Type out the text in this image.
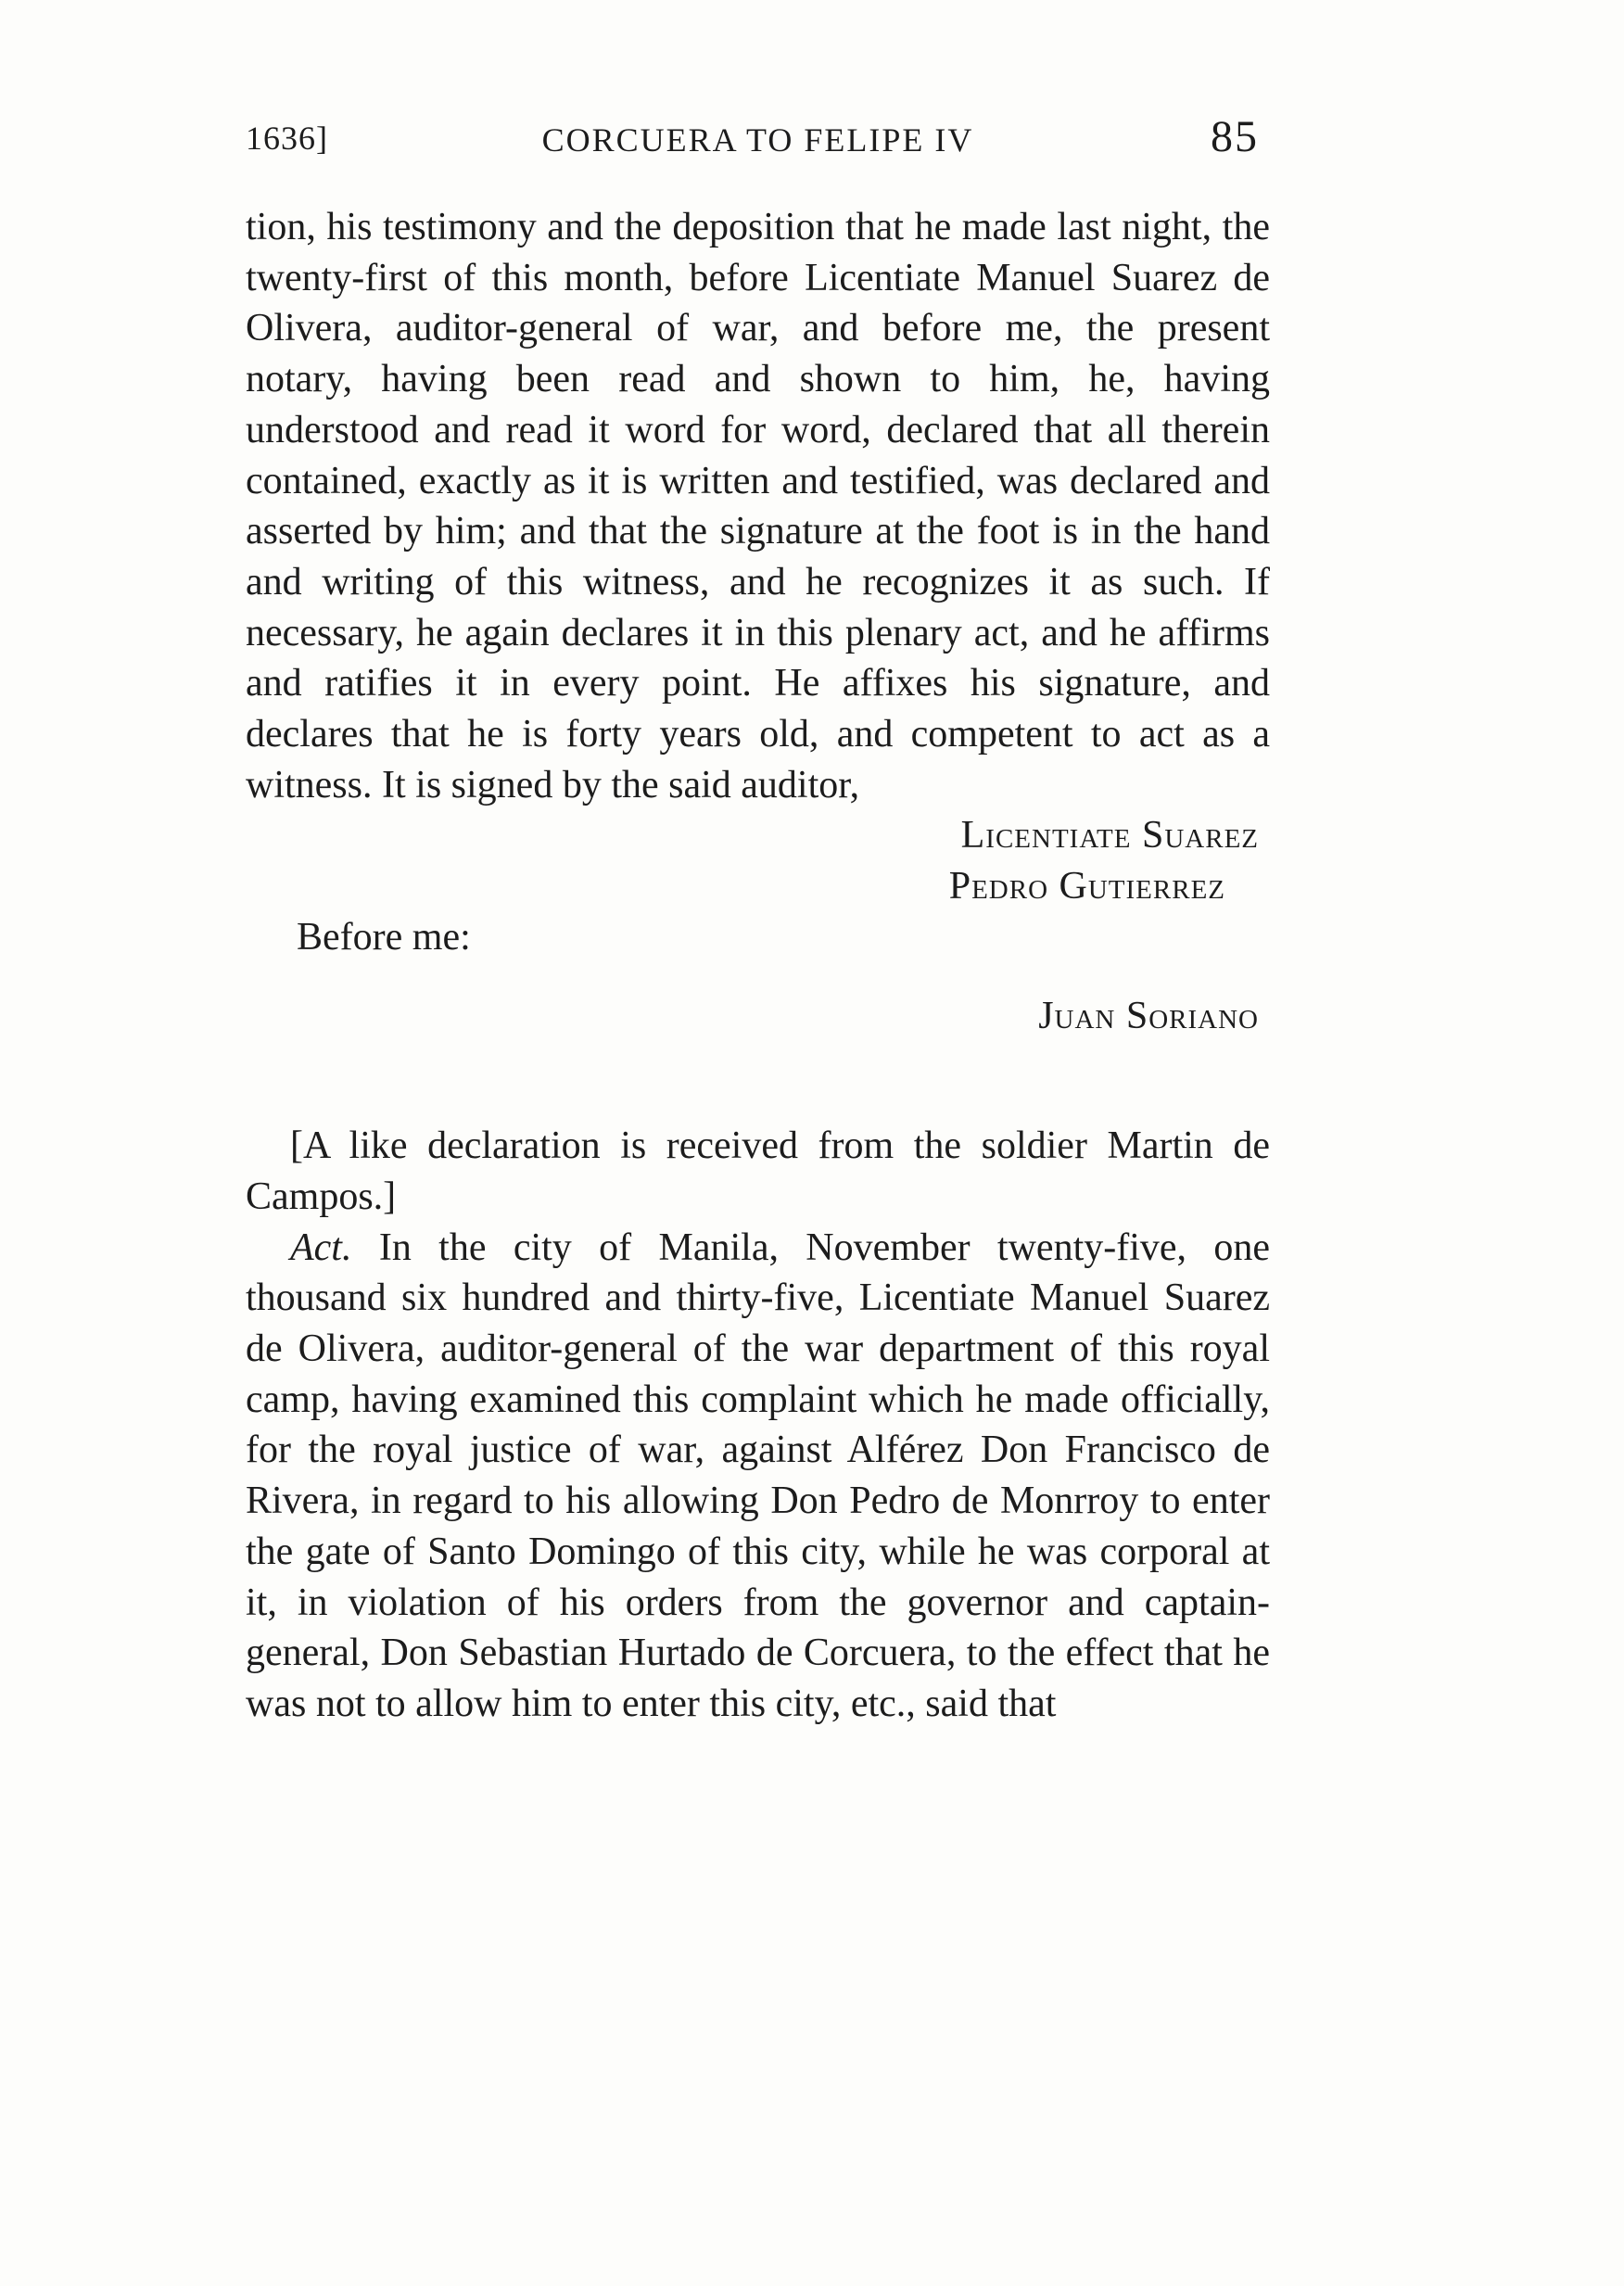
1636]	CORCUERA TO FELIPE IV	85

tion, his testimony and the deposition that he made last night, the twenty-first of this month, before Licentiate Manuel Suarez de Olivera, auditor-general of war, and before me, the present notary, having been read and shown to him, he, having understood and read it word for word, declared that all therein contained, exactly as it is written and testified, was declared and asserted by him; and that the signature at the foot is in the hand and writing of this witness, and he recognizes it as such. If necessary, he again declares it in this plenary act, and he affirms and ratifies it in every point. He affixes his signature, and declares that he is forty years old, and competent to act as a witness. It is signed by the said auditor,

Licentiate Suarez
Pedro Gutierrez

Before me:

Juan Soriano

[A like declaration is received from the soldier Martin de Campos.]

Act. In the city of Manila, November twenty-five, one thousand six hundred and thirty-five, Licentiate Manuel Suarez de Olivera, auditor-general of the war department of this royal camp, having examined this complaint which he made officially, for the royal justice of war, against Alférez Don Francisco de Rivera, in regard to his allowing Don Pedro de Monrroy to enter the gate of Santo Domingo of this city, while he was corporal at it, in violation of his orders from the governor and captain-general, Don Sebastian Hurtado de Corcuera, to the effect that he was not to allow him to enter this city, etc., said that
